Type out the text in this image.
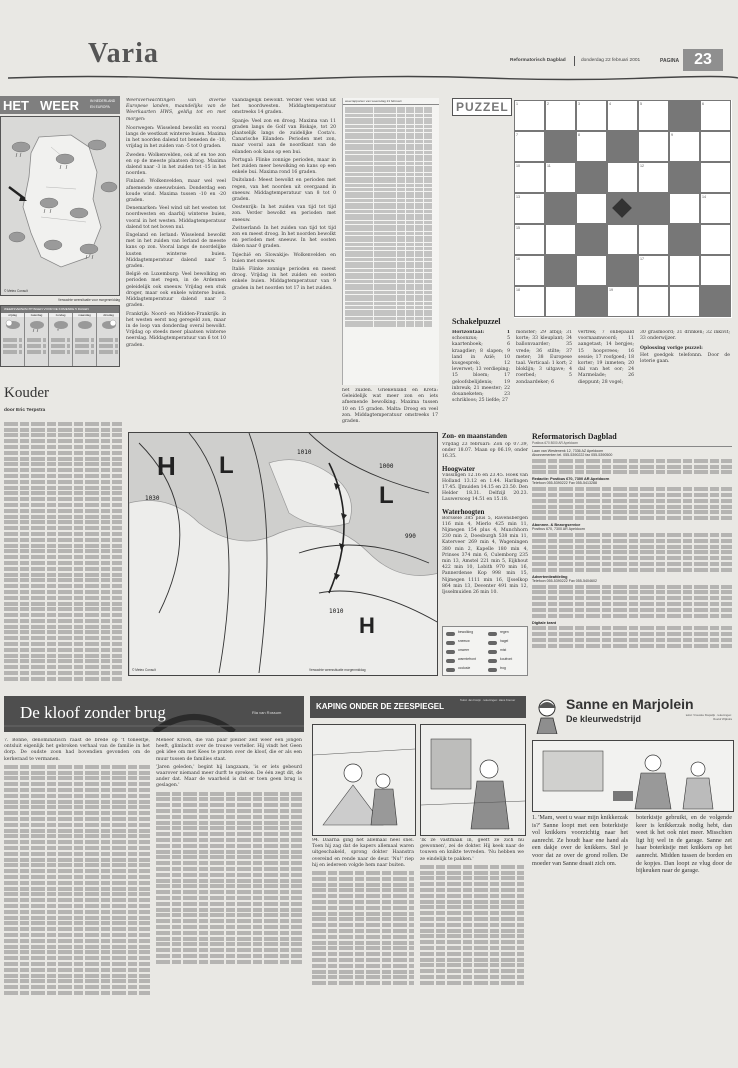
Varia	Reformatorisch Dagblad	donderdag 22 februari 2001	PAGINA 23
HET WEER	IN NEDERLAND
EN EUROPA
© Meteo Consult
Verwachte weersituatie voor morgenmiddag
WEERSVERWACHTINGEN VOOR DE KOMENDE 5 DAGEN
vrijdag	zaterdag	zondag
*
maandag	dinsdag
Kouder
door Eric Terpstra
Weersverwachtingen van diverse Europese landen, maandelijks van de Weerkaarten HWS, geldig tot en met morgen:
Noorwegen: Wisselend bewolkt en vooral langs de westkust winterse buien. Maxima in het noorden dalend tot beneden de -10, vrijdag in het zuiden van -5 tot 0 graden.
Zweden: Wolkenvelden, ook af en toe zon en op de meeste plaatsen droog. Maxima dalend naar -3 in het zuiden tot -15 in het noorden.
Finland: Wolkenvelden, maar wel veel afnemende sneeuwbuien. Donderdag een koude wind. Maxima tussen -10 en -20 graden.
Denemarken: Veel wind uit het westen tot noordwesten en daarbij winterse buien, vooral in het westen. Middagtemperatuur dalend tot net boven nul.
Engeland en Ierland: Wisselend bewolkt met in het zuiden van Ierland de meeste kans op zon. Vooral langs de noordelijke kusten winterse buien. Middagtemperatuur dalend naar 5 graden.
België en Luxemburg: Veel bewolking en perioden met regen, in de Ardennen geleidelijk ook sneeuw. Vrijdag een stuk droger, maar ook enkele winterse buien. Middagtemperatuur dalend naar 3 graden.
Frankrijk: Noord- en Midden-Frankrijk: in het westen eerst nog geregeld zon, maar in de loop van donderdag overal bewolkt. Vrijdag op steeds meer plaatsen winterse neerslag. Middagtemperatuur van 6 tot 10 graden.
vaandagelijk bewolkt. Verder veel wind uit het noordwesten. Middagtemperatuur omstreeks 14 graden.
Spanje: Veel zon en droog. Maxima van 11 graden langs de Golf van Biskaje, tot 20 plaatselijk langs de zuidelijke Costa's. Canarische Eilanden: Perioden met zon, maar vooral aan de noordkant van de eilanden ook kans op een bui.
Portugal: Flinke zonnige perioden, maar in het zuiden meer bewolking en kans op een enkele bui. Maxima rond 16 graden.
Duitsland: Meest bewolkt en perioden met regen, van het noorden uit overgaand in sneeuw. Middagtemperatuur van 8 tot 0 graden.
Oostenrijk: In het zuiden van tijd tot tijd zon. Verder bewolkt en perioden met sneeuw.
Zwitserland: In het zuiden van tijd tot tijd zon en meest droog. In het noorden bewolkt en perioden met sneeuw. In het oosten dalen naar 0 graden.
Tsjechië en Slowakije: Wolkenvelden en buien met sneeuw.
Italië: Flinke zonnige perioden en meest droog. Vrijdag in het zuiden en oosten enkele buien. Middagtemperatuur van 9 graden in het noorden tot 17 in het zuiden.
weerrapporten van woensdag 21 februari
het zuiden. Griekenland en Kreta: Geleidelijk wat meer zon en iets afnemende bewolking. Maxima tussen 10 en 15 graden. Malta: Droog en veel zon. Middagtemperatuur omstreeks 17 graden.
PUZZEL	1	2	3	4	5	6
7	8	9
10	11	12
13	14
15
16	17
18	19
Schakelpuzzel
Horizontaal: 1 schoonzus; 5 kaartenboek; 6 kraagdier; 8 slapen; 9 land in Azië; 10 kusgesprek; 12 leverwet; 13 verdieping; 15 bloem; 17 geloofsbelijdenis; 19 inbreuk; 21 meester; 22 douaneketen; 23 schrikloos; 25 liefde; 27
monster; 29 afbijl; 31 korte; 33 kleuplant; 34 ballonvaarder; 35 vrede; 36 stilte; 37 meter; 38 Europese taal. Verticaal: 1 kort; 2 bloklijn; 3 uitgave; 4 roerbed; 5 zondaardeker; 6
vertrek; 7 onbepaald voornaamwoord; 11 aangetast; 14 bergjes; 15 hoopvrees; 16 sessie; 17 roofgoed; 18 korter; 19 inmeten; 20 dal van het oor; 24 Marmelade; 26 dieppunt; 28 vogel;
30 grasmoord; 31 drinken; 32 inkivit; 33 onderwijzer.
Oplossing vorige puzzel:
Het goedgek telefonnn. Door de loterie gaan.
H L
L
H
1030
1010
1000
990
1010
© Meteo Consult	Verwachte weerssituatie morgenmiddag
Zon- en maanstanden
Vrijdag 23 februari: Zon op 07.39, onder 18.07. Maan op 06.19, onder 16.35.
Hoogwater
Vlissingen 12.16 en 23.45. Hoek van Holland 13.12 en 1.44. Harlingen 17.45. IJmuiden 14.15 en 23.50. Den Helder 18.31. Delfzijl 20.23. Lauwersoog 14.51 en 15.18.
Waterhoogten
Borssele 385 plus 5, Ravensbergen 116 min 4, Mierlo 425 min 11, Nijmegen 154 plus 4, Munchhorn 230 min 2, Doesburgh 538 min 11, Katerveer 269 min 4, Wageningen 380 min 2, Kapelle 180 min 4, Prinses 374 min 6, Culemborg 235 min 13, Amstel 221 min 5, Eijkhout 422 min 10, Lobith 970 min 16, Pannerdense Kop 998 min 15, Nijmegen 1111 min 16, IJsselkop 864 min 13, Deventer 491 min 12, Ijsselmuiden 26 min 10.
bewolking	regen
sneeuw	hagel
onweer	mist
warmtefront	koufront
occlusie	trog
Reformatorisch Dagblad
Postbus 670 8000 AR Apeldoorn
Laan van Westenenk 12, 7336 AZ Apeldoorn
Abonnementen tel. 055-5390222 fax 055-5390500
Redactie: Postbus 670, 7300 AR Apeldoorn
Telefoon 055-5390222 Fax 055-5413288
Abonnee- & Bezorgservice
Postbus 670, 7300 AR Apeldoorn
Advertentieafdeling
Telefoon 055-5390222 Fax 055-5404602
Digitale krant
De kloof zonder brug	Ria van Rossum
7. Bonne, denominatisch raast de brede op 't toneeltje, ontsluit eigenlijk het gebroken verhaal van de familie in het dorp. De oudste zoon had bovendien gevonden om de kerkeraad te vermanen.
Meneer Kroon, die van paar plezier zelf weer een jongen heeft, glimlacht over de trouwe verteller. Hij vindt het Geen gek idee om met Kees te praten over de kloof, die er als een muur tussen de families staat.
'Jaren geleden,' begint hij langzaam, 'is er iets gebeurd waarover niemand meer durft te spreken. De één zegt dit, de ander dat. Maar de waarheid is dat er toen geen brug is geslagen.'
KAPING ONDER DE ZEESPIEGEL
Tekst: Jan Fiorijn · tekeningen: Hans Kremer
94. Daarna ging het allemaal heel snel. Toen hij zag dat de kapers allemaal waren uitgeschakeld, sprong dokter Haanstra overeind en rende naar de deur. 'Nu!' riep hij en iedereen volgde hem naar buiten.
'Ik ze vastmaak in, geeft ze zich nu gewonnen', zei de dokter. Hij keek naar de touwen en knikte tevreden. 'Nu hebben we ze eindelijk te pakken.'
Sanne en Marjolein
De kleurwedstrijd	tekst: Vrouwke Klapwijk · tekeningen: Roelof Wijkstra
1. 'Mam, weet u waar mijn knikkerzak is?' Sanne loopt met een boterkistje vol knikkers voorzichtig naar het aanrecht. Ze houdt haar ene hand als een dakje over de knikkers. Stel je voor dat ze over de grond rollen. De moeder van Sanne draait zich om.
boterkistje gebruikt, en de volgende keer is knikkerzak nodig hebt, dan weet ik het ook niet meer. Misschien ligt hij wel in de garage. Sanne zet haar boterkistje met knikkers op het aanrecht. Midden tussen de borden en de kopjes. Dan loopt ze vlug door de bijkeuken naar de garage.
